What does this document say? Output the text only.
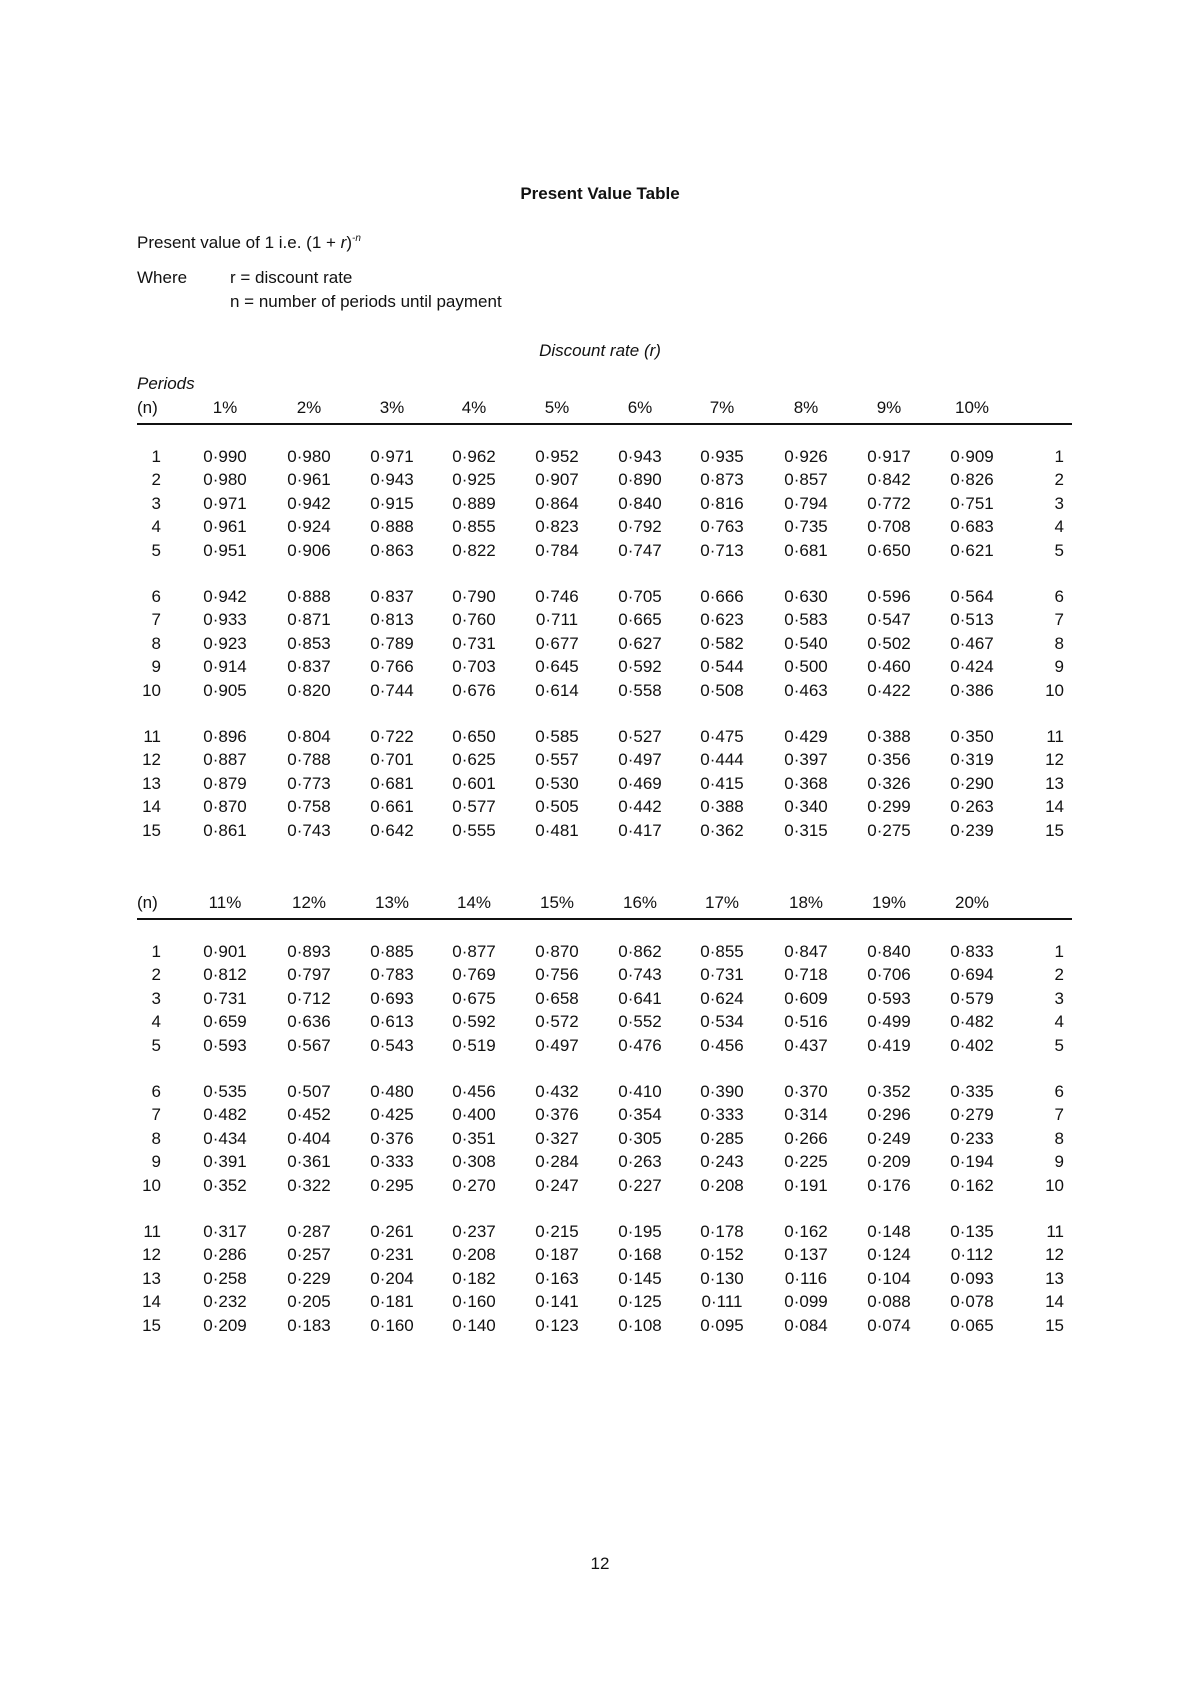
Present Value Table
Present value of 1 i.e. $(1 + r)^{-n}$
Where	r = discount rate
n = number of periods until payment
Discount rate (r)
Periods
(n)	1%	2%	3%	4%	5%	6%	7%	8%	9%	10%
1	0·990	0·980	0·971	0·962	0·952	0·943	0·935	0·926	0·917	0·909	1
2	0·980	0·961	0·943	0·925	0·907	0·890	0·873	0·857	0·842	0·826	2
3	0·971	0·942	0·915	0·889	0·864	0·840	0·816	0·794	0·772	0·751	3
4	0·961	0·924	0·888	0·855	0·823	0·792	0·763	0·735	0·708	0·683	4
5	0·951	0·906	0·863	0·822	0·784	0·747	0·713	0·681	0·650	0·621	5
6	0·942	0·888	0·837	0·790	0·746	0·705	0·666	0·630	0·596	0·564	6
7	0·933	0·871	0·813	0·760	0·711	0·665	0·623	0·583	0·547	0·513	7
8	0·923	0·853	0·789	0·731	0·677	0·627	0·582	0·540	0·502	0·467	8
9	0·914	0·837	0·766	0·703	0·645	0·592	0·544	0·500	0·460	0·424	9
10	0·905	0·820	0·744	0·676	0·614	0·558	0·508	0·463	0·422	0·386	10
11	0·896	0·804	0·722	0·650	0·585	0·527	0·475	0·429	0·388	0·350	11
12	0·887	0·788	0·701	0·625	0·557	0·497	0·444	0·397	0·356	0·319	12
13	0·879	0·773	0·681	0·601	0·530	0·469	0·415	0·368	0·326	0·290	13
14	0·870	0·758	0·661	0·577	0·505	0·442	0·388	0·340	0·299	0·263	14
15	0·861	0·743	0·642	0·555	0·481	0·417	0·362	0·315	0·275	0·239	15
(n)	11%	12%	13%	14%	15%	16%	17%	18%	19%	20%
1	0·901	0·893	0·885	0·877	0·870	0·862	0·855	0·847	0·840	0·833	1
2	0·812	0·797	0·783	0·769	0·756	0·743	0·731	0·718	0·706	0·694	2
3	0·731	0·712	0·693	0·675	0·658	0·641	0·624	0·609	0·593	0·579	3
4	0·659	0·636	0·613	0·592	0·572	0·552	0·534	0·516	0·499	0·482	4
5	0·593	0·567	0·543	0·519	0·497	0·476	0·456	0·437	0·419	0·402	5
6	0·535	0·507	0·480	0·456	0·432	0·410	0·390	0·370	0·352	0·335	6
7	0·482	0·452	0·425	0·400	0·376	0·354	0·333	0·314	0·296	0·279	7
8	0·434	0·404	0·376	0·351	0·327	0·305	0·285	0·266	0·249	0·233	8
9	0·391	0·361	0·333	0·308	0·284	0·263	0·243	0·225	0·209	0·194	9
10	0·352	0·322	0·295	0·270	0·247	0·227	0·208	0·191	0·176	0·162	10
11	0·317	0·287	0·261	0·237	0·215	0·195	0·178	0·162	0·148	0·135	11
12	0·286	0·257	0·231	0·208	0·187	0·168	0·152	0·137	0·124	0·112	12
13	0·258	0·229	0·204	0·182	0·163	0·145	0·130	0·116	0·104	0·093	13
14	0·232	0·205	0·181	0·160	0·141	0·125	0·111	0·099	0·088	0·078	14
15	0·209	0·183	0·160	0·140	0·123	0·108	0·095	0·084	0·074	0·065	15
12
